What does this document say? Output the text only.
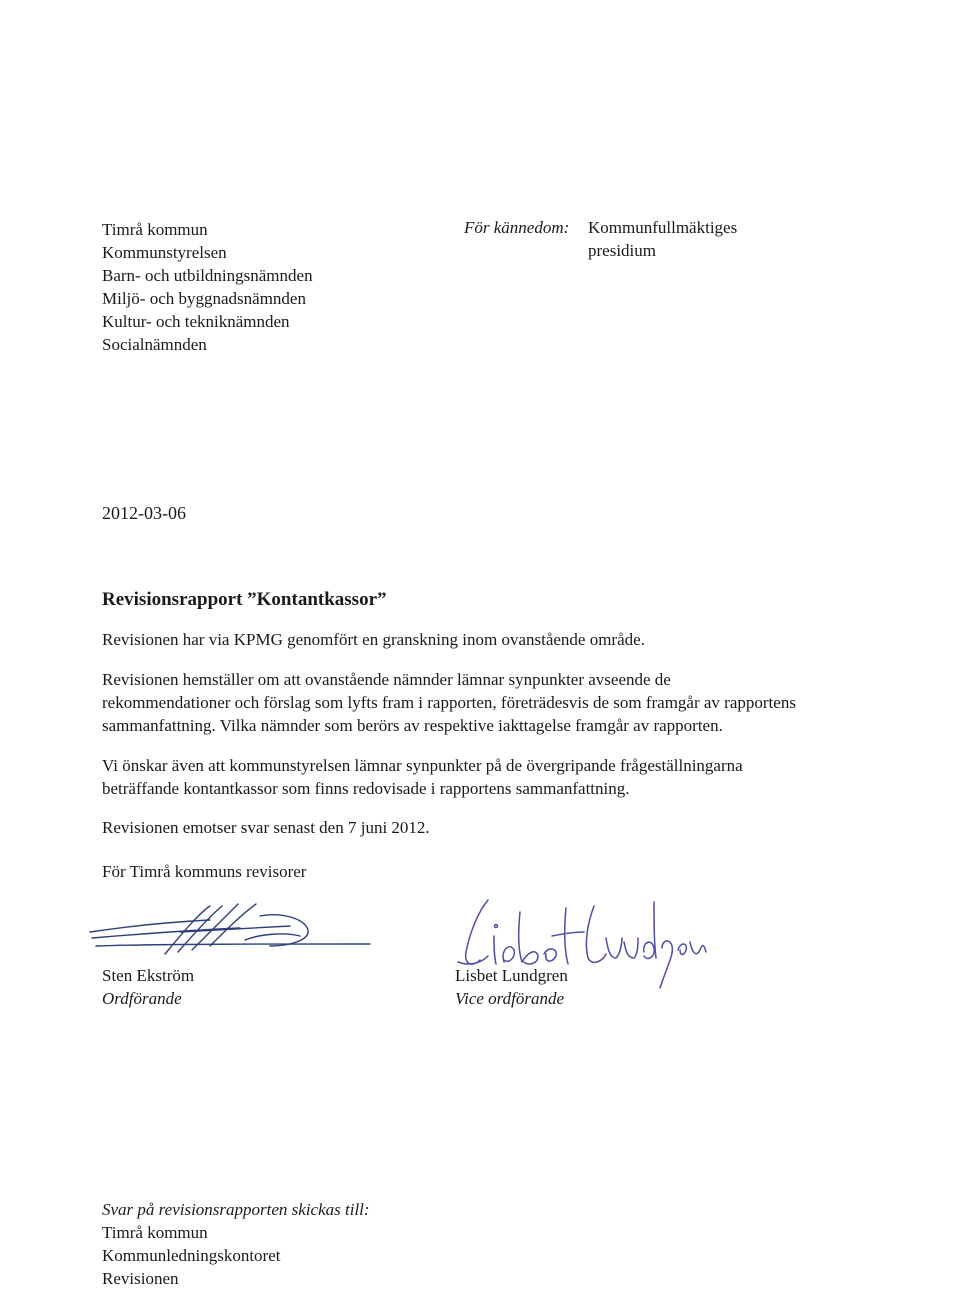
Timrå kommun
Kommunstyrelsen
Barn- och utbildningsnämnden
Miljö- och byggnadsnämnden
Kultur- och tekniknämnden
Socialnämnden
För kännedom: Kommunfullmäktiges
presidium
2012-03-06
Revisionsrapport ”Kontantkassor”
Revisionen har via KPMG genomfört en granskning inom ovanstående område.
Revisionen hemställer om att ovanstående nämnder lämnar synpunkter avseende de
rekommendationer och förslag som lyfts fram i rapporten, företrädesvis de som framgår av rapportens
sammanfattning. Vilka nämnder som berörs av respektive iakttagelse framgår av rapporten.
Vi önskar även att kommunstyrelsen lämnar synpunkter på de övergripande frågeställningarna
beträffande kontantkassor som finns redovisade i rapportens sammanfattning.
Revisionen emotser svar senast den 7 juni 2012.
För Timrå kommuns revisorer
Sten Ekström
Ordförande
Lisbet Lundgren
Vice ordförande
Svar på revisionsrapporten skickas till:
Timrå kommun
Kommunledningskontoret
Revisionen
